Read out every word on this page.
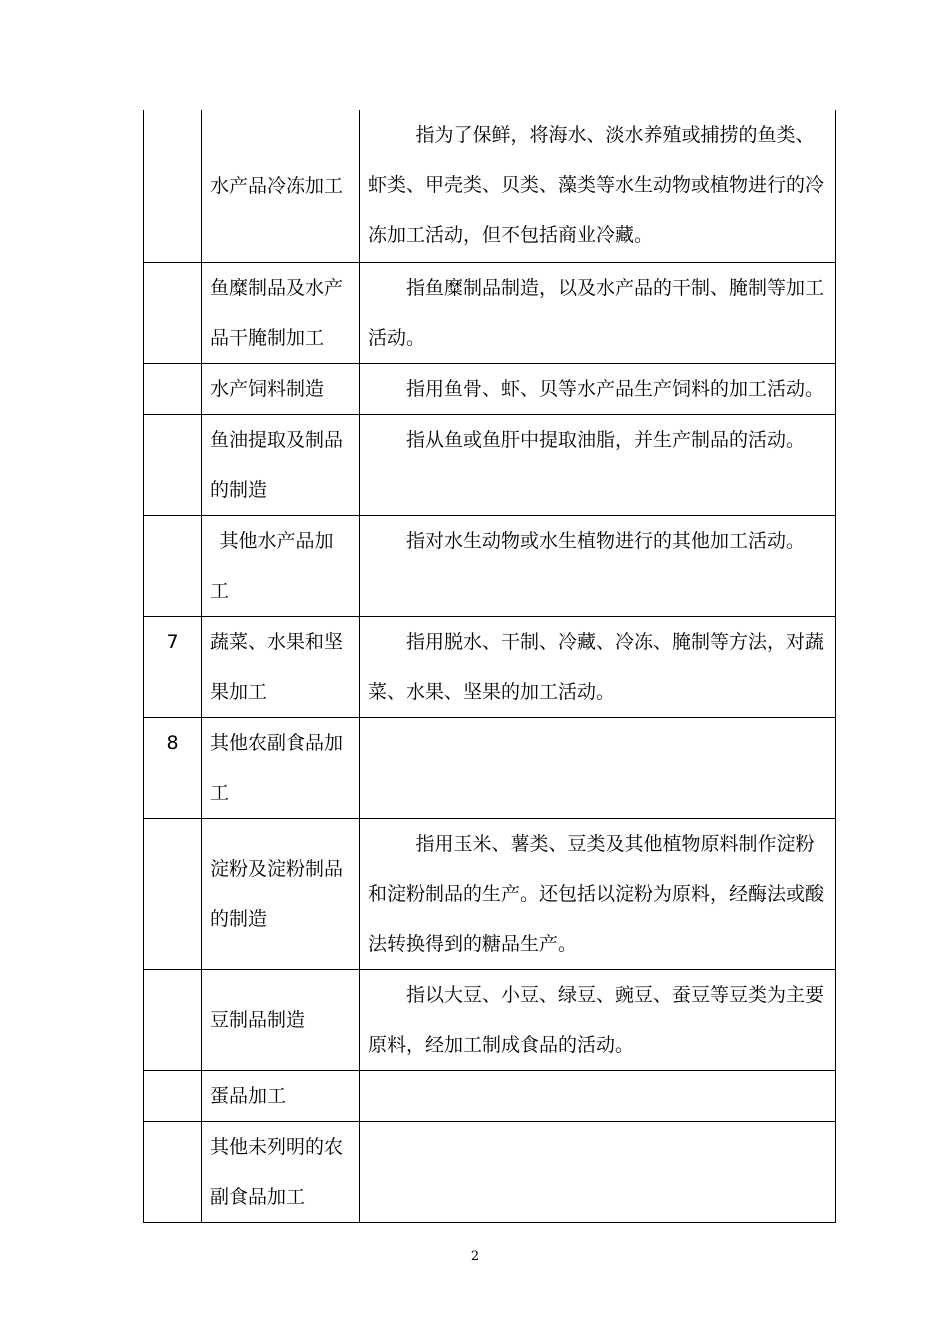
	水产品冷冻加工	指为了保鲜，将海水、淡水养殖或捕捞的鱼类、虾类、甲壳类、贝类、藻类等水生动物或植物进行的冷冻加工活动，但不包括商业冷藏。
	鱼糜制品及水产品干腌制加工	指鱼糜制品制造，以及水产品的干制、腌制等加工活动。
	水产饲料制造	指用鱼骨、虾、贝等水产品生产饲料的加工活动。
	鱼油提取及制品的制造	指从鱼或鱼肝中提取油脂，并生产制品的活动。
	其他水产品加工	指对水生动物或水生植物进行的其他加工活动。
7	蔬菜、水果和坚果加工	指用脱水、干制、冷藏、冷冻、腌制等方法，对蔬菜、水果、坚果的加工活动。
8	其他农副食品加工	
	淀粉及淀粉制品的制造	指用玉米、薯类、豆类及其他植物原料制作淀粉和淀粉制品的生产。还包括以淀粉为原料，经酶法或酸法转换得到的糖品生产。
	豆制品制造	指以大豆、小豆、绿豆、豌豆、蚕豆等豆类为主要原料，经加工制成食品的活动。
	蛋品加工	
	其他未列明的农副食品加工	
2
